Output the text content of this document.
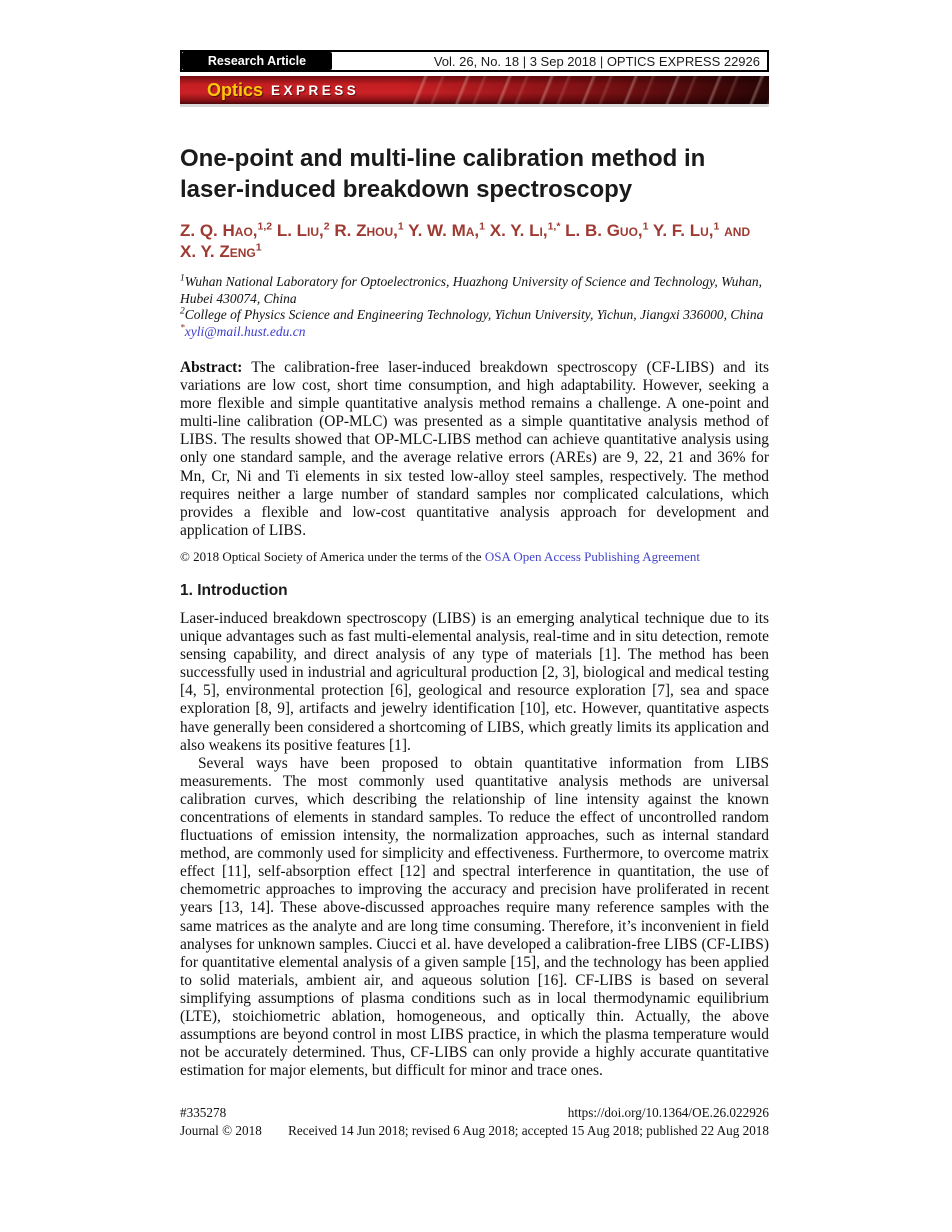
Research Article	Vol. 26, No. 18 | 3 Sep 2018 | OPTICS EXPRESS 22926
Optics EXPRESS
One-point and multi-line calibration method in laser-induced breakdown spectroscopy
Z. Q. Hao,$^{1,2}$ L. Liu,$^2$ R. Zhou,$^1$ Y. W. Ma,$^1$ X. Y. Li,$^{1,*}$ L. B. Guo,$^1$ Y. F. Lu,$^1$ and X. Y. Zeng$^1$
$^1$Wuhan National Laboratory for Optoelectronics, Huazhong University of Science and Technology, Wuhan, Hubei 430074, China
$^2$College of Physics Science and Engineering Technology, Yichun University, Yichun, Jiangxi 336000, China
*xyli@mail.hust.edu.cn

Abstract: The calibration-free laser-induced breakdown spectroscopy (CF-LIBS) and its variations are low cost, short time consumption, and high adaptability. However, seeking a more flexible and simple quantitative analysis method remains a challenge. A one-point and multi-line calibration (OP-MLC) was presented as a simple quantitative analysis method of LIBS. The results showed that OP-MLC-LIBS method can achieve quantitative analysis using only one standard sample, and the average relative errors (AREs) are 9, 22, 21 and 36% for Mn, Cr, Ni and Ti elements in six tested low-alloy steel samples, respectively. The method requires neither a large number of standard samples nor complicated calculations, which provides a flexible and low-cost quantitative analysis approach for development and application of LIBS.

© 2018 Optical Society of America under the terms of the OSA Open Access Publishing Agreement

1. Introduction

Laser-induced breakdown spectroscopy (LIBS) is an emerging analytical technique due to its unique advantages such as fast multi-elemental analysis, real-time and in situ detection, remote sensing capability, and direct analysis of any type of materials [1]. The method has been successfully used in industrial and agricultural production [2, 3], biological and medical testing [4, 5], environmental protection [6], geological and resource exploration [7], sea and space exploration [8, 9], artifacts and jewelry identification [10], etc. However, quantitative aspects have generally been considered a shortcoming of LIBS, which greatly limits its application and also weakens its positive features [1].

Several ways have been proposed to obtain quantitative information from LIBS measurements. The most commonly used quantitative analysis methods are universal calibration curves, which describing the relationship of line intensity against the known concentrations of elements in standard samples. To reduce the effect of uncontrolled random fluctuations of emission intensity, the normalization approaches, such as internal standard method, are commonly used for simplicity and effectiveness. Furthermore, to overcome matrix effect [11], self-absorption effect [12] and spectral interference in quantitation, the use of chemometric approaches to improving the accuracy and precision have proliferated in recent years [13, 14]. These above-discussed approaches require many reference samples with the same matrices as the analyte and are long time consuming. Therefore, it’s inconvenient in field analyses for unknown samples. Ciucci et al. have developed a calibration-free LIBS (CF-LIBS) for quantitative elemental analysis of a given sample [15], and the technology has been applied to solid materials, ambient air, and aqueous solution [16]. CF-LIBS is based on several simplifying assumptions of plasma conditions such as in local thermodynamic equilibrium (LTE), stoichiometric ablation, homogeneous, and optically thin. Actually, the above assumptions are beyond control in most LIBS practice, in which the plasma temperature would not be accurately determined. Thus, CF-LIBS can only provide a highly accurate quantitative estimation for major elements, but difficult for minor and trace ones.

#335278	https://doi.org/10.1364/OE.26.022926
Journal © 2018 Received 14 Jun 2018; revised 6 Aug 2018; accepted 15 Aug 2018; published 22 Aug 2018
